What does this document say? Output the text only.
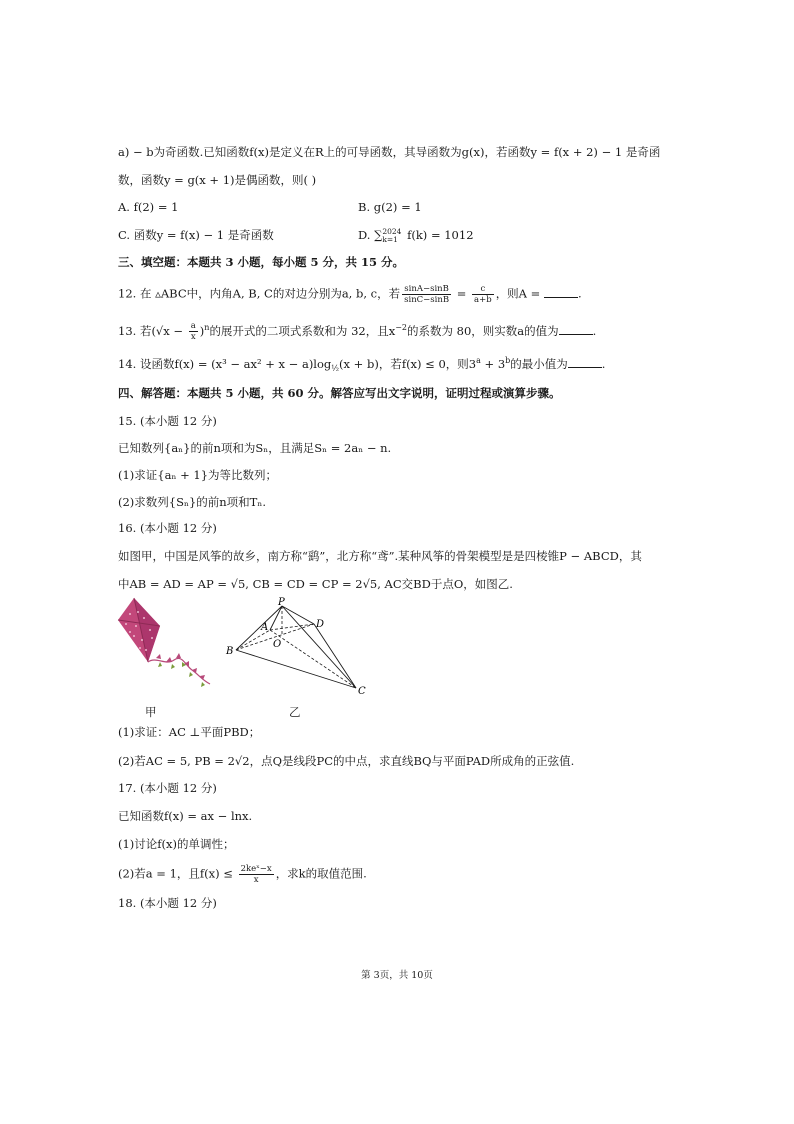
a) − b为奇函数.已知函数f(x)是定义在R上的可导函数，其导函数为g(x)，若函数y = f(x + 2) − 1 是奇函
数，函数y = g(x + 1)是偶函数，则( )
A. f(2) = 1	B. g(2) = 1
C. 函数y = f(x) − 1 是奇函数	D. ∑ 2024
k=1 f(k) = 1012
三、填空题：本题共 3 小题，每小题 5 分，共 15 分。
12. 在 ▵ABC中，内角A, B, C的对边分别为a, b, c，若 $\frac{\sin A-\sin B}{\sin C-\sin B} = \frac{c}{a+b}$ ，则A =	.
13. 若$(√x - \frac{a}{x} )^n$的展开式的二项式系数和为 32，且$x^{-2}$的系数为 80，则实数a的值为	.
14. 设函数$f(x) = (x^3 - ax^2 + x - a)\log_{\frac{1}{2}}(x + b)$，若f(x) ≤ 0，则$3^a + 3^b$的最小值为	.
四、解答题：本题共 5 小题，共 60 分。解答应写出文字说明，证明过程或演算步骤。
15. (本小题 12 分)
已知数列{aₙ}的前n项和为Sₙ，且满足Sₙ = 2aₙ − n.
(1)求证{aₙ + 1}为等比数列；
(2)求数列{Sₙ}的前n项和Tₙ.
16. (本小题 12 分)
如图甲，中国是风筝的故乡，南方称“鹞”，北方称“鸢”.某种风筝的骨架模型是是四棱锥P − ABCD，其
中AB = AD = AP = √5, CB = CD = CP = 2√5, AC交BD于点O，如图乙.
甲
P
A	D
O
B
C
乙
(1)求证：AC ⊥平面PBD；
(2)若AC = 5, PB = 2√2，点Q是线段PC的中点，求直线BQ与平面PAD所成角的正弦值.
17. (本小题 12 分)
已知函数f(x) = ax − lnx.
(1)讨论f(x)的单调性；
(2)若a = 1，且$f(x) \le \frac{\text{2keˣ−x}}{x}$ ，求k的取值范围.
18. (本小题 12 分)
第 3页，共 10页
